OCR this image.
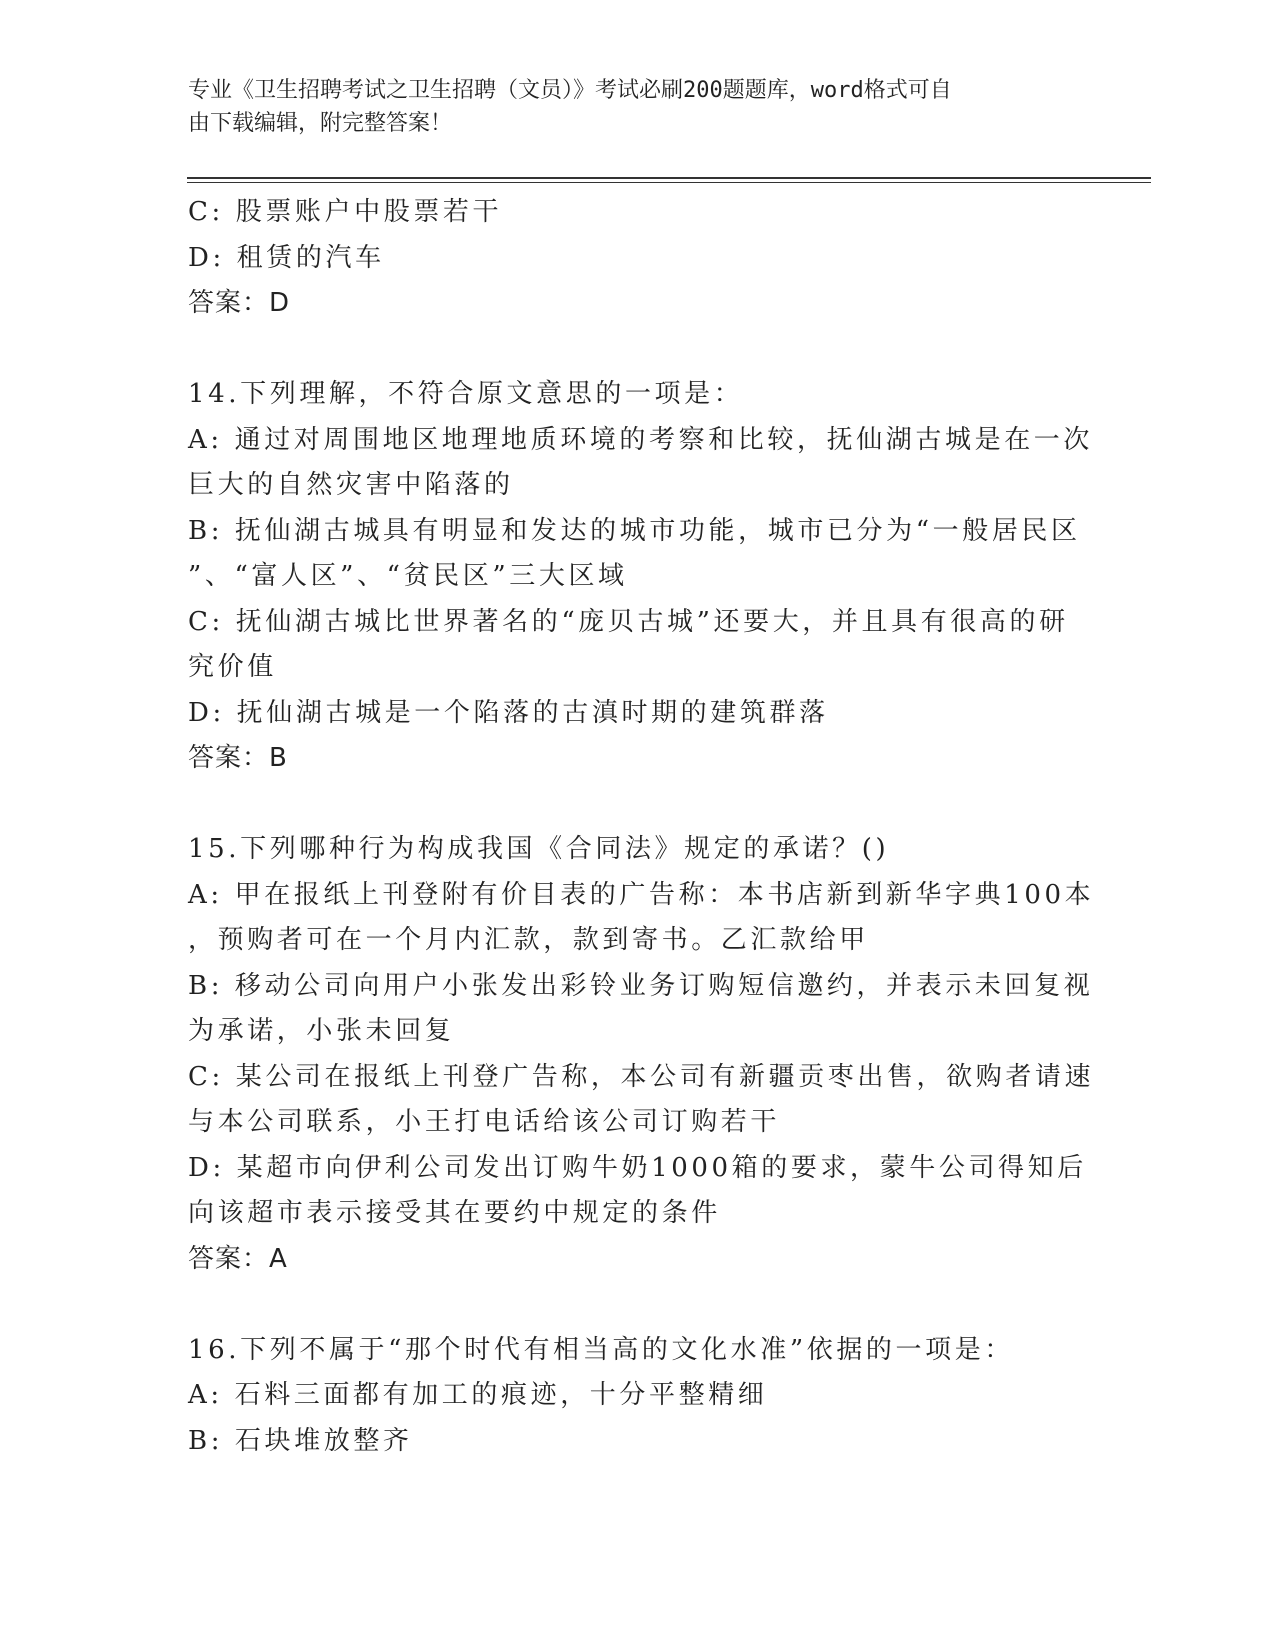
专业《卫生招聘考试之卫生招聘（文员）》考试必刷200题题库，word格式可自
由下载编辑，附完整答案！
C: 股票账户中股票若干
D: 租赁的汽车
答案：D
14.下列理解，不符合原文意思的一项是：
A: 通过对周围地区地理地质环境的考察和比较，抚仙湖古城是在一次
巨大的自然灾害中陷落的
B: 抚仙湖古城具有明显和发达的城市功能，城市已分为“一般居民区
”、“富人区”、“贫民区”三大区域
C: 抚仙湖古城比世界著名的“庞贝古城”还要大，并且具有很高的研
究价值
D: 抚仙湖古城是一个陷落的古滇时期的建筑群落
答案：B
15.下列哪种行为构成我国《合同法》规定的承诺？()
A: 甲在报纸上刊登附有价目表的广告称：本书店新到新华字典100本
，预购者可在一个月内汇款，款到寄书。乙汇款给甲
B: 移动公司向用户小张发出彩铃业务订购短信邀约，并表示未回复视
为承诺，小张未回复
C: 某公司在报纸上刊登广告称，本公司有新疆贡枣出售，欲购者请速
与本公司联系，小王打电话给该公司订购若干
D: 某超市向伊利公司发出订购牛奶1000箱的要求，蒙牛公司得知后
向该超市表示接受其在要约中规定的条件
答案：A
16.下列不属于“那个时代有相当高的文化水准”依据的一项是：
A: 石料三面都有加工的痕迹，十分平整精细
B: 石块堆放整齐
